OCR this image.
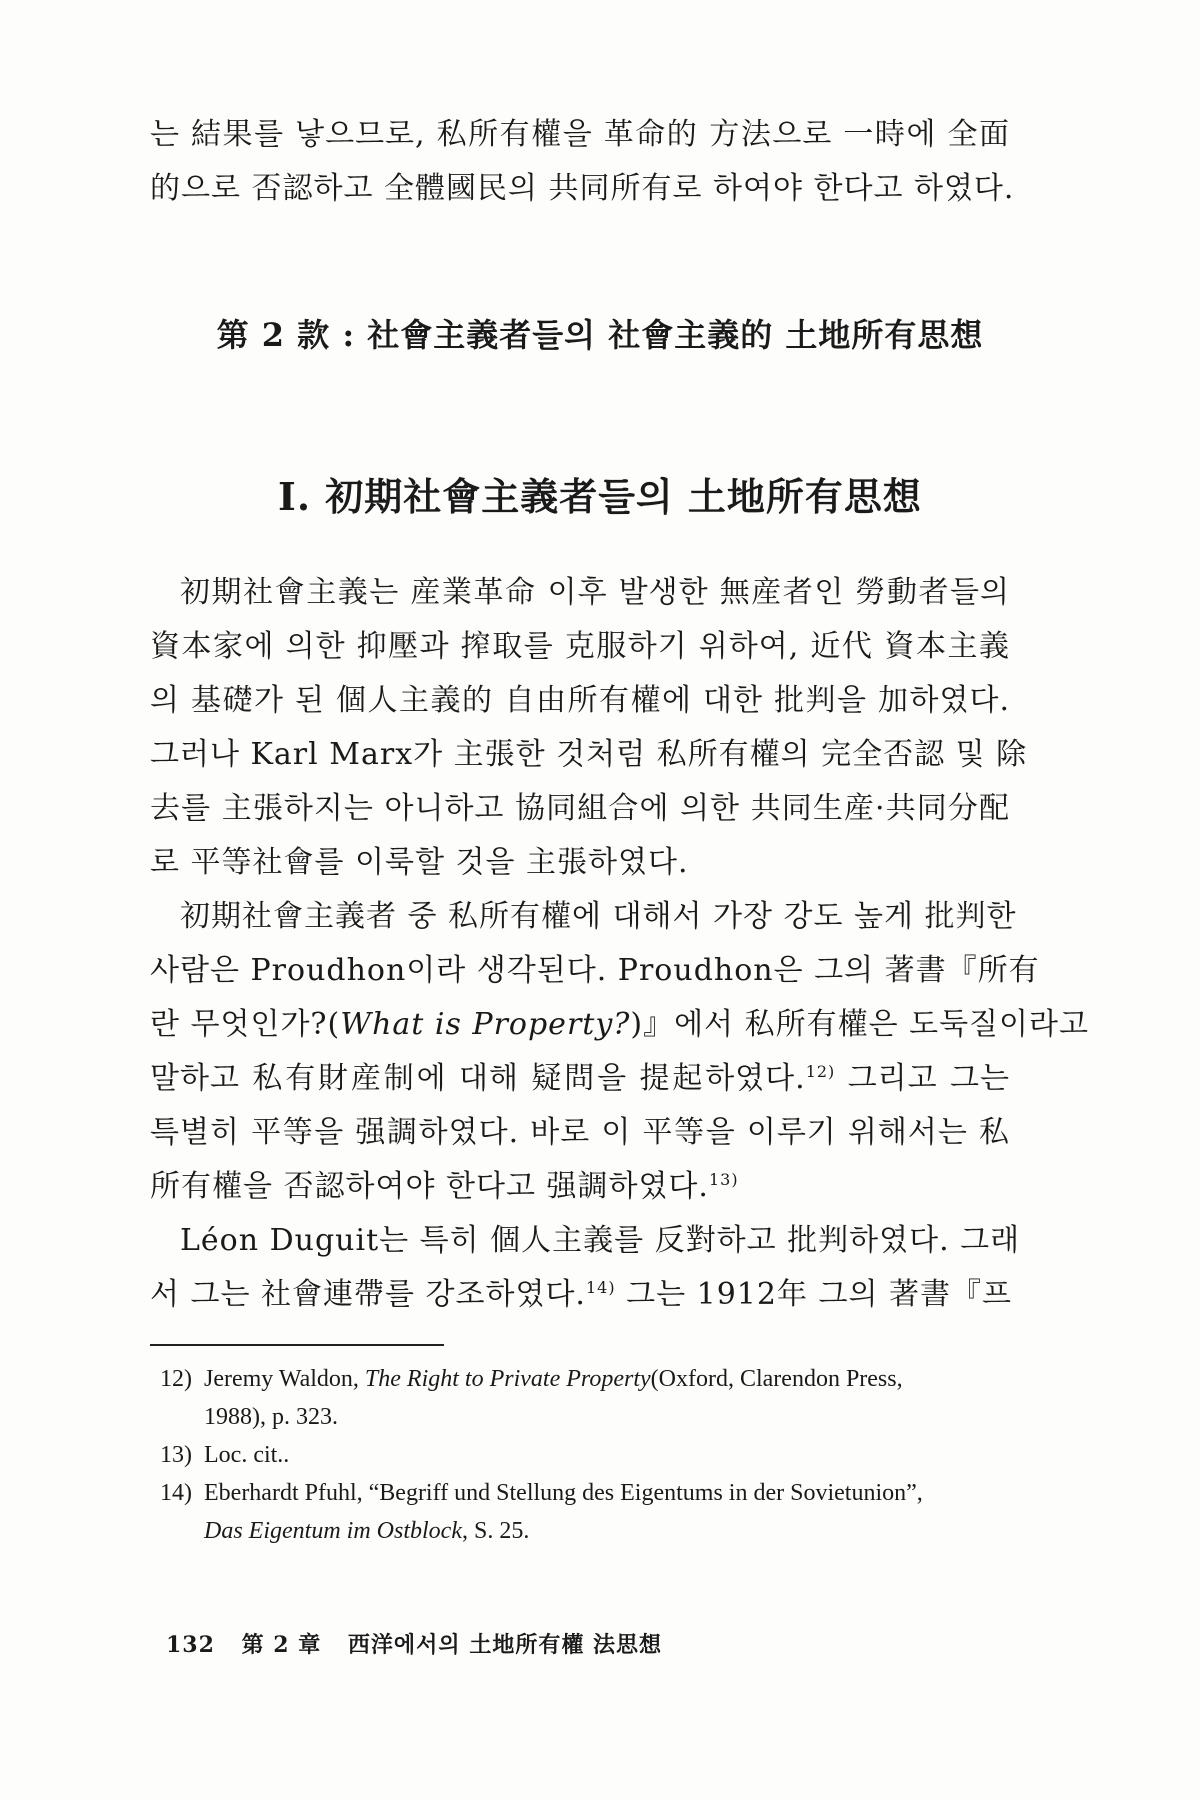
는 結果를 낳으므로, 私所有權을 革命的 方法으로 一時에 全面
的으로 否認하고 全體國民의 共同所有로 하여야 한다고 하였다.
第 2 款 : 社會主義者들의 社會主義的 土地所有思想
Ⅰ. 初期社會主義者들의 土地所有思想
初期社會主義는 産業革命 이후 발생한 無産者인 勞動者들의
資本家에 의한 抑壓과 搾取를 克服하기 위하여, 近代 資本主義
의 基礎가 된 個人主義的 自由所有權에 대한 批判을 加하였다.
그러나 Karl Marx가 主張한 것처럼 私所有權의 完全否認 및 除
去를 主張하지는 아니하고 協同組合에 의한 共同生産·共同分配
로 平等社會를 이룩할 것을 主張하였다.
初期社會主義者 중 私所有權에 대해서 가장 강도 높게 批判한
사람은 Proudhon이라 생각된다. Proudhon은 그의 著書『所有
란 무엇인가?(What is Property?)』에서 私所有權은 도둑질이라고
말하고 私有財産制에 대해 疑問을 提起하였다.$^{12)}$ 그리고 그는
특별히 平等을 强調하였다. 바로 이 平等을 이루기 위해서는 私
所有權을 否認하여야 한다고 强調하였다.$^{13)}$
Léon Duguit는 특히 個人主義를 反對하고 批判하였다. 그래
서 그는 社會連帶를 강조하였다.$^{14)}$ 그는 1912年 그의 著書『프
12) Jeremy Waldon, The Right to Private Property(Oxford, Clarendon Press,
1988), p. 323.
13) Loc. cit..
14) Eberhardt Pfuhl, “Begriff und Stellung des Eigentums in der Sovietunion”,
Das Eigentum im Ostblock, S. 25.
132 第 2 章 西洋에서의 土地所有權 法思想
